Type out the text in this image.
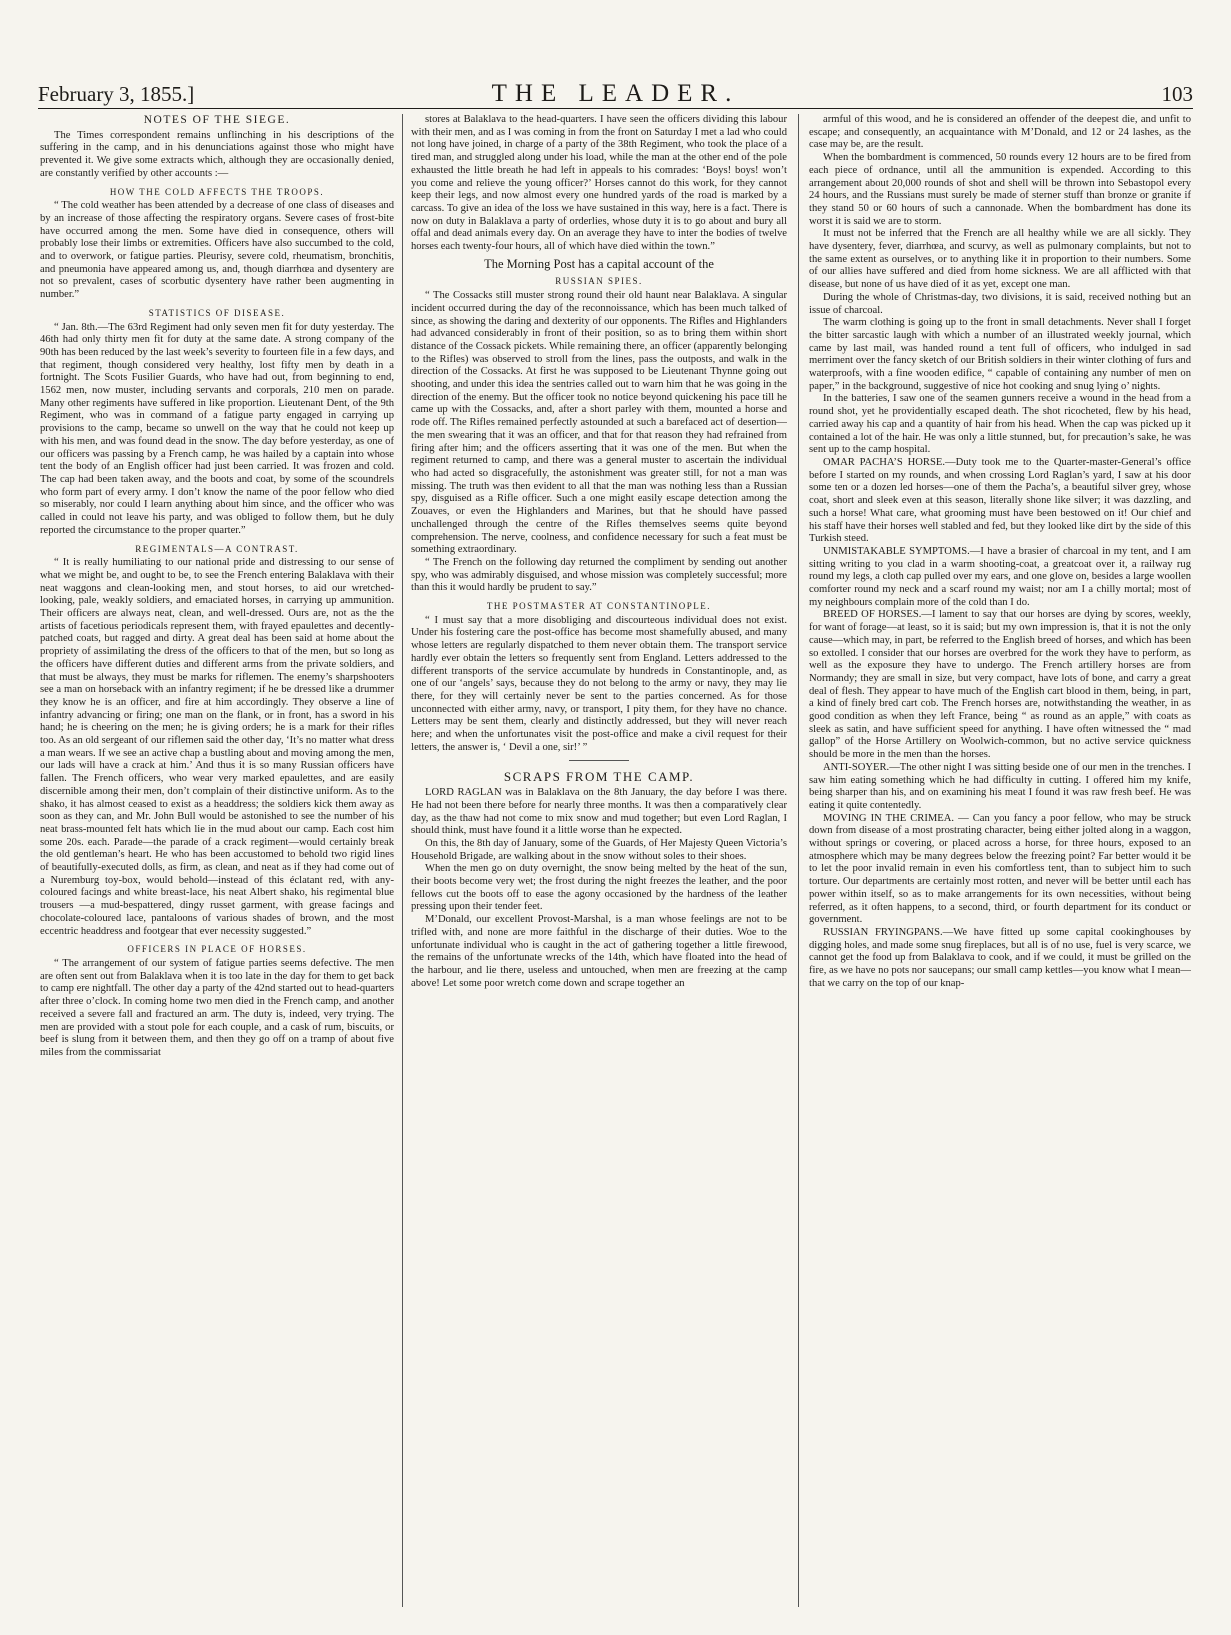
February 3, 1855.]	THE LEADER.	103
NOTES OF THE SIEGE.

The Times correspondent remains unflinching in his descriptions of the suffering in the camp, and in his denunciations against those who might have prevented it. We give some extracts which, although they are occasionally denied, are constantly verified by other accounts :—

HOW THE COLD AFFECTS THE TROOPS.

“ The cold weather has been attended by a decrease of one class of diseases and by an increase of those affecting the respiratory organs. Severe cases of frost-bite have occurred among the men. Some have died in consequence, others will probably lose their limbs or extremities. Officers have also succumbed to the cold, and to overwork, or fatigue parties. Pleurisy, severe cold, rheumatism, bronchitis, and pneumonia have appeared among us, and, though diarrhœa and dysentery are not so prevalent, cases of scorbutic dysentery have rather been augmenting in number.”

STATISTICS OF DISEASE.

“ Jan. 8th.—The 63rd Regiment had only seven men fit for duty yesterday. The 46th had only thirty men fit for duty at the same date. A strong company of the 90th has been reduced by the last week’s severity to fourteen file in a few days, and that regiment, though considered very healthy, lost fifty men by death in a fortnight. The Scots Fusilier Guards, who have had out, from beginning to end, 1562 men, now muster, including servants and corporals, 210 men on parade. Many other regiments have suffered in like proportion. Lieutenant Dent, of the 9th Regiment, who was in command of a fatigue party engaged in carrying up provisions to the camp, became so unwell on the way that he could not keep up with his men, and was found dead in the snow. The day before yesterday, as one of our officers was passing by a French camp, he was hailed by a captain into whose tent the body of an English officer had just been carried. It was frozen and cold. The cap had been taken away, and the boots and coat, by some of the scoundrels who form part of every army. I don’t know the name of the poor fellow who died so miserably, nor could I learn anything about him since, and the officer who was called in could not leave his party, and was obliged to follow them, but he duly reported the circumstance to the proper quarter.”

REGIMENTALS—A CONTRAST.

“ It is really humiliating to our national pride and distressing to our sense of what we might be, and ought to be, to see the French entering Balaklava with their neat waggons and clean-looking men, and stout horses, to aid our wretched-looking, pale, weakly soldiers, and emaciated horses, in carrying up ammunition. Their officers are always neat, clean, and well-dressed. Ours are, not as the the artists of facetious periodicals represent them, with frayed epaulettes and decently-patched coats, but ragged and dirty. A great deal has been said at home about the propriety of assimilating the dress of the officers to that of the men, but so long as the officers have different duties and different arms from the private soldiers, and that must be always, they must be marks for riflemen. The enemy’s sharpshooters see a man on horseback with an infantry regiment; if he be dressed like a drummer they know he is an officer, and fire at him accordingly. They observe a line of infantry advancing or firing; one man on the flank, or in front, has a sword in his hand; he is cheering on the men; he is giving orders; he is a mark for their rifles too. As an old sergeant of our riflemen said the other day, ‘It’s no matter what dress a man wears. If we see an active chap a bustling about and moving among the men, our lads will have a crack at him.’ And thus it is so many Russian officers have fallen. The French officers, who wear very marked epaulettes, and are easily discernible among their men, don’t complain of their distinctive uniform. As to the shako, it has almost ceased to exist as a headdress; the soldiers kick them away as soon as they can, and Mr. John Bull would be astonished to see the number of his neat brass-mounted felt hats which lie in the mud about our camp. Each cost him some 20s. each. Parade—the parade of a crack regiment—would certainly break the old gentleman’s heart. He who has been accustomed to behold two rigid lines of beautifully-executed dolls, as firm, as clean, and neat as if they had come out of a Nuremburg toy-box, would behold—instead of this éclatant red, with any-coloured facings and white breast-lace, his neat Albert shako, his regimental blue trousers —a mud-bespattered, dingy russet garment, with grease facings and chocolate-coloured lace, pantaloons of various shades of brown, and the most eccentric headdress and footgear that ever necessity suggested.”

OFFICERS IN PLACE OF HORSES.

“ The arrangement of our system of fatigue parties seems defective. The men are often sent out from Balaklava when it is too late in the day for them to get back to camp ere nightfall. The other day a party of the 42nd started out to head-quarters after three o’clock. In coming home two men died in the French camp, and another received a severe fall and fractured an arm. The duty is, indeed, very trying. The men are provided with a stout pole for each couple, and a cask of rum, biscuits, or beef is slung from it between them, and then they go off on a tramp of about five miles from the commissariat

stores at Balaklava to the head-quarters. I have seen the officers dividing this labour with their men, and as I was coming in from the front on Saturday I met a lad who could not long have joined, in charge of a party of the 38th Regiment, who took the place of a tired man, and struggled along under his load, while the man at the other end of the pole exhausted the little breath he had left in appeals to his comrades: ‘Boys! boys! won’t you come and relieve the young officer?’ Horses cannot do this work, for they cannot keep their legs, and now almost every one hundred yards of the road is marked by a carcass. To give an idea of the loss we have sustained in this way, here is a fact. There is now on duty in Balaklava a party of orderlies, whose duty it is to go about and bury all offal and dead animals every day. On an average they have to inter the bodies of twelve horses each twenty-four hours, all of which have died within the town.”

The Morning Post has a capital account of the
RUSSIAN SPIES.

“ The Cossacks still muster strong round their old haunt near Balaklava. A singular incident occurred during the day of the reconnoissance, which has been much talked of since, as showing the daring and dexterity of our opponents. The Rifles and Highlanders had advanced considerably in front of their position, so as to bring them within short distance of the Cossack pickets. While remaining there, an officer (apparently belonging to the Rifles) was observed to stroll from the lines, pass the outposts, and walk in the direction of the Cossacks. At first he was supposed to be Lieutenant Thynne going out shooting, and under this idea the sentries called out to warn him that he was going in the direction of the enemy. But the officer took no notice beyond quickening his pace till he came up with the Cossacks, and, after a short parley with them, mounted a horse and rode off. The Rifles remained perfectly astounded at such a barefaced act of desertion—the men swearing that it was an officer, and that for that reason they had refrained from firing after him; and the officers asserting that it was one of the men. But when the regiment returned to camp, and there was a general muster to ascertain the individual who had acted so disgracefully, the astonishment was greater still, for not a man was missing. The truth was then evident to all that the man was nothing less than a Russian spy, disguised as a Rifle officer. Such a one might easily escape detection among the Zouaves, or even the Highlanders and Marines, but that he should have passed unchallenged through the centre of the Rifles themselves seems quite beyond comprehension. The nerve, coolness, and confidence necessary for such a feat must be something extraordinary.

“ The French on the following day returned the compliment by sending out another spy, who was admirably disguised, and whose mission was completely successful; more than this it would hardly be prudent to say.”

THE POSTMASTER AT CONSTANTINOPLE.

“ I must say that a more disobliging and discourteous individual does not exist. Under his fostering care the post-office has become most shamefully abused, and many whose letters are regularly dispatched to them never obtain them. The transport service hardly ever obtain the letters so frequently sent from England. Letters addressed to the different transports of the service accumulate by hundreds in Constantinople, and, as one of our ‘angels’ says, because they do not belong to the army or navy, they may lie there, for they will certainly never be sent to the parties concerned. As for those unconnected with either army, navy, or transport, I pity them, for they have no chance. Letters may be sent them, clearly and distinctly addressed, but they will never reach here; and when the unfortunates visit the post-office and make a civil request for their letters, the answer is, ‘ Devil a one, sir!’ ”

SCRAPS FROM THE CAMP.

LORD RAGLAN was in Balaklava on the 8th January, the day before I was there. He had not been there before for nearly three months. It was then a comparatively clear day, as the thaw had not come to mix snow and mud together; but even Lord Raglan, I should think, must have found it a little worse than he expected.

On this, the 8th day of January, some of the Guards, of Her Majesty Queen Victoria’s Household Brigade, are walking about in the snow without soles to their shoes.

When the men go on duty overnight, the snow being melted by the heat of the sun, their boots become very wet; the frost during the night freezes the leather, and the poor fellows cut the boots off to ease the agony occasioned by the hardness of the leather pressing upon their tender feet.

M’Donald, our excellent Provost-Marshal, is a man whose feelings are not to be trifled with, and none are more faithful in the discharge of their duties. Woe to the unfortunate individual who is caught in the act of gathering together a little firewood, the remains of the unfortunate wrecks of the 14th, which have floated into the head of the harbour, and lie there, useless and untouched, when men are freezing at the camp above! Let some poor wretch come down and scrape together an

armful of this wood, and he is considered an offender of the deepest die, and unfit to escape; and consequently, an acquaintance with M’Donald, and 12 or 24 lashes, as the case may be, are the result.

When the bombardment is commenced, 50 rounds every 12 hours are to be fired from each piece of ordnance, until all the ammunition is expended. According to this arrangement about 20,000 rounds of shot and shell will be thrown into Sebastopol every 24 hours, and the Russians must surely be made of sterner stuff than bronze or granite if they stand 50 or 60 hours of such a cannonade. When the bombardment has done its worst it is said we are to storm.

It must not be inferred that the French are all healthy while we are all sickly. They have dysentery, fever, diarrhœa, and scurvy, as well as pulmonary complaints, but not to the same extent as ourselves, or to anything like it in proportion to their numbers. Some of our allies have suffered and died from home sickness. We are all afflicted with that disease, but none of us have died of it as yet, except one man.

During the whole of Christmas-day, two divisions, it is said, received nothing but an issue of charcoal.

The warm clothing is going up to the front in small detachments. Never shall I forget the bitter sarcastic laugh with which a number of an illustrated weekly journal, which came by last mail, was handed round a tent full of officers, who indulged in sad merriment over the fancy sketch of our British soldiers in their winter clothing of furs and waterproofs, with a fine wooden edifice, “ capable of containing any number of men on paper,” in the background, suggestive of nice hot cooking and snug lying o’ nights.

In the batteries, I saw one of the seamen gunners receive a wound in the head from a round shot, yet he providentially escaped death. The shot ricocheted, flew by his head, carried away his cap and a quantity of hair from his head. When the cap was picked up it contained a lot of the hair. He was only a little stunned, but, for precaution’s sake, he was sent up to the camp hospital.

OMAR PACHA’S HORSE.—Duty took me to the Quarter-master-General’s office before I started on my rounds, and when crossing Lord Raglan’s yard, I saw at his door some ten or a dozen led horses—one of them the Pacha’s, a beautiful silver grey, whose coat, short and sleek even at this season, literally shone like silver; it was dazzling, and such a horse! What care, what grooming must have been bestowed on it! Our chief and his staff have their horses well stabled and fed, but they looked like dirt by the side of this Turkish steed.

UNMISTAKABLE SYMPTOMS.—I have a brasier of charcoal in my tent, and I am sitting writing to you clad in a warm shooting-coat, a greatcoat over it, a railway rug round my legs, a cloth cap pulled over my ears, and one glove on, besides a large woollen comforter round my neck and a scarf round my waist; nor am I a chilly mortal; most of my neighbours complain more of the cold than I do.

BREED OF HORSES.—I lament to say that our horses are dying by scores, weekly, for want of forage—at least, so it is said; but my own impression is, that it is not the only cause—which may, in part, be referred to the English breed of horses, and which has been so extolled. I consider that our horses are overbred for the work they have to perform, as well as the exposure they have to undergo. The French artillery horses are from Normandy; they are small in size, but very compact, have lots of bone, and carry a great deal of flesh. They appear to have much of the English cart blood in them, being, in part, a kind of finely bred cart cob. The French horses are, notwithstanding the weather, in as good condition as when they left France, being “ as round as an apple,” with coats as sleek as satin, and have sufficient speed for anything. I have often witnessed the “ mad gallop” of the Horse Artillery on Woolwich-common, but no active service quickness should be more in the men than the horses.

ANTI-SOYER.—The other night I was sitting beside one of our men in the trenches. I saw him eating something which he had difficulty in cutting. I offered him my knife, being sharper than his, and on examining his meat I found it was raw fresh beef. He was eating it quite contentedly.

MOVING IN THE CRIMEA. — Can you fancy a poor fellow, who may be struck down from disease of a most prostrating character, being either jolted along in a waggon, without springs or covering, or placed across a horse, for three hours, exposed to an atmosphere which may be many degrees below the freezing point? Far better would it be to let the poor invalid remain in even his comfortless tent, than to subject him to such torture. Our departments are certainly most rotten, and never will be better until each has power within itself, so as to make arrangements for its own necessities, without being referred, as it often happens, to a second, third, or fourth department for its conduct or government.

RUSSIAN FRYINGPANS.—We have fitted up some capital cookinghouses by digging holes, and made some snug fireplaces, but all is of no use, fuel is very scarce, we cannot get the food up from Balaklava to cook, and if we could, it must be grilled on the fire, as we have no pots nor saucepans; our small camp kettles—you know what I mean—that we carry on the top of our knap-
